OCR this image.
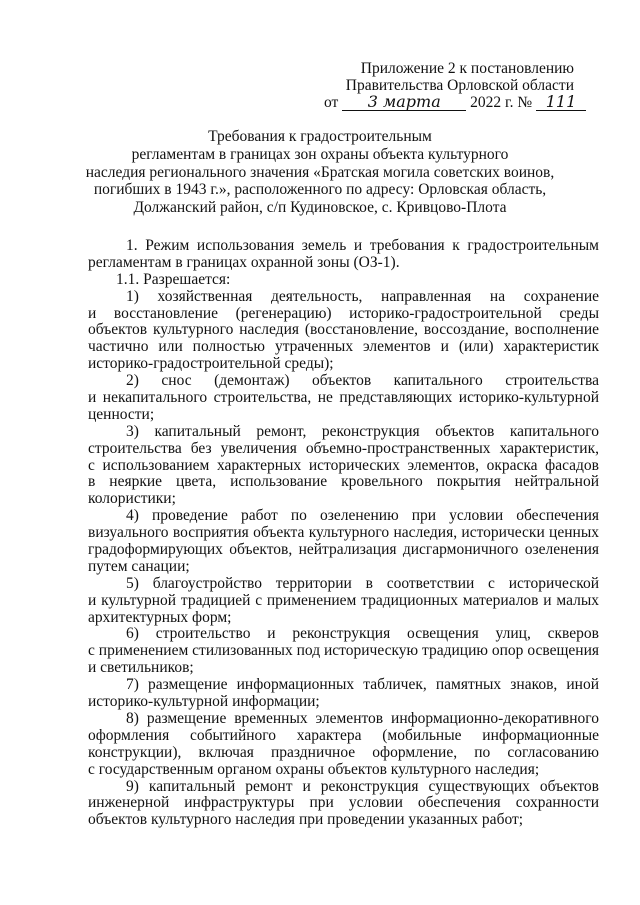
Приложение 2 к постановлению
Правительства Орловской области
от 3 марта 2022 г. № 111
Требования к градостроительным
регламентам в границах зон охраны объекта культурного
наследия регионального значения «Братская могила советских воинов,
погибших в 1943 г.», расположенного по адресу: Орловская область,
Должанский район, с/п Кудиновское, с. Кривцово-Плота
1. Режим использования земель и требования к градостроительным
регламентам в границах охранной зоны (ОЗ-1).
1.1. Разрешается:
1) хозяйственная деятельность, направленная на сохранение
и восстановление (регенерацию) историко-градостроительной среды
объектов культурного наследия (восстановление, воссоздание, восполнение
частично или полностью утраченных элементов и (или) характеристик
историко-градостроительной среды);
2) снос (демонтаж) объектов капитального строительства
и некапитального строительства, не представляющих историко-культурной
ценности;
3) капитальный ремонт, реконструкция объектов капитального
строительства без увеличения объемно-пространственных характеристик,
с использованием характерных исторических элементов, окраска фасадов
в неяркие цвета, использование кровельного покрытия нейтральной
колористики;
4) проведение работ по озеленению при условии обеспечения
визуального восприятия объекта культурного наследия, исторически ценных
градоформирующих объектов, нейтрализация дисгармоничного озеленения
путем санации;
5) благоустройство территории в соответствии с исторической
и культурной традицией с применением традиционных материалов и малых
архитектурных форм;
6) строительство и реконструкция освещения улиц, скверов
с применением стилизованных под историческую традицию опор освещения
и светильников;
7) размещение информационных табличек, памятных знаков, иной
историко-культурной информации;
8) размещение временных элементов информационно-декоративного
оформления событийного характера (мобильные информационные
конструкции), включая праздничное оформление, по согласованию
с государственным органом охраны объектов культурного наследия;
9) капитальный ремонт и реконструкция существующих объектов
инженерной инфраструктуры при условии обеспечения сохранности
объектов культурного наследия при проведении указанных работ;
